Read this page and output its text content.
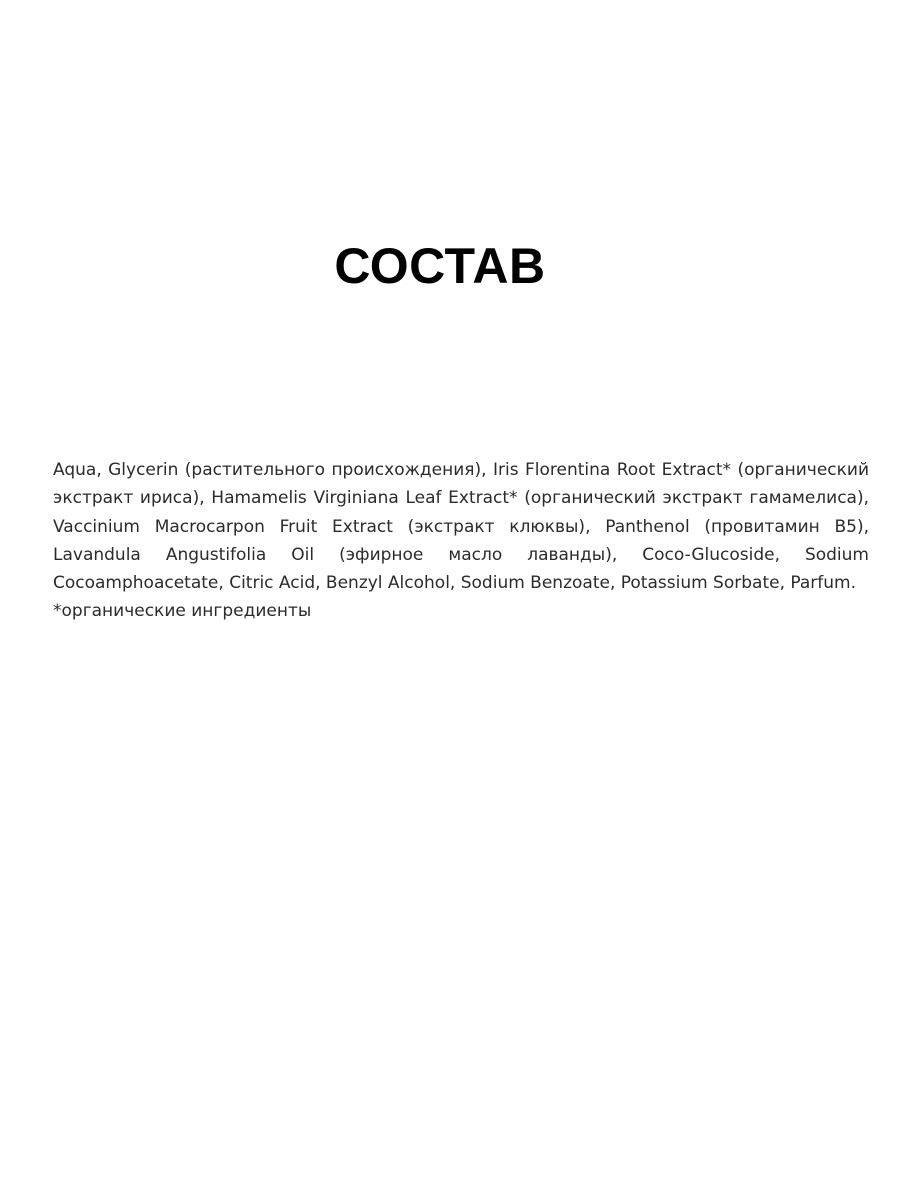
СОСТАВ
Aqua, Glycerin (растительного происхождения), Iris Florentina Root Extract* (органический
экстракт ириса), Hamamelis Virginiana Leaf Extract* (органический экстракт гамамелиса),
Vaccinium Macrocarpon Fruit Extract (экстракт клюквы), Panthenol (провитамин B5),
Lavandula Angustifolia Oil (эфирное масло лаванды), Coco-Glucoside, Sodium
Cocoamphoacetate, Citric Acid, Benzyl Alcohol, Sodium Benzoate, Potassium Sorbate, Parfum.
*органические ингредиенты
